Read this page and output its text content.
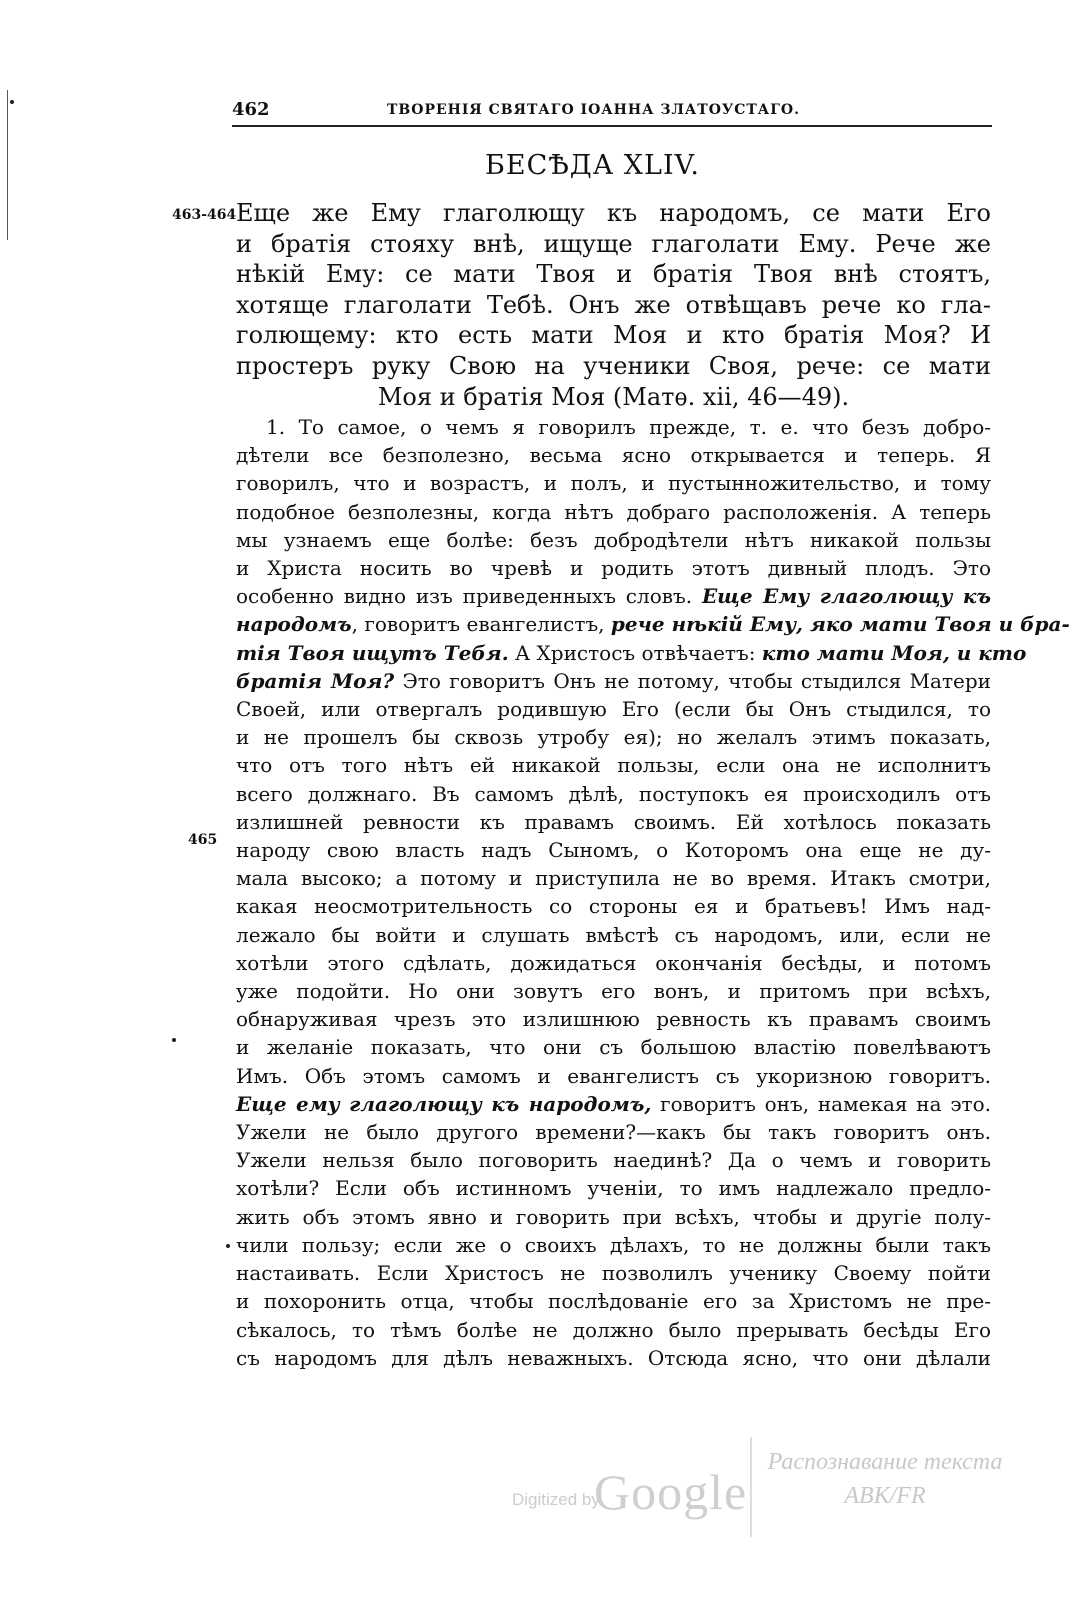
462	ТВОРЕНІЯ СВЯТАГО ІОАННА ЗЛАТОУСТАГО.
БЕСѢДА XLIV.
463-464
465
Еще же Ему глаголющу къ народомъ, се мати Его
и братія стояху внѣ, ищуще глаголати Ему. Рече же
нѣкій Ему: се мати Твоя и братія Твоя внѣ стоятъ,
хотяще глаголати Тебѣ. Онъ же отвѣщавъ рече ко гла-
голющему: кто есть мати Моя и кто братія Моя? И
простеръ руку Свою на ученики Своя, рече: се мати
Моя и братія Моя (Матѳ. xii, 46—49).
1. То самое, о чемъ я говорилъ прежде, т. е. что безъ добро-
дѣтели все безполезно, весьма ясно открывается и теперь. Я
говорилъ, что и возрастъ, и полъ, и пустынножительство, и тому
подобное безполезны, когда нѣтъ добраго расположенія. А теперь
мы узнаемъ еще болѣе: безъ добродѣтели нѣтъ никакой пользы
и Христа носить во чревѣ и родить этотъ дивный плодъ. Это
особенно видно изъ приведенныхъ словъ. Еще Ему глаголющу къ
народомъ, говоритъ евангелистъ, рече нѣкій Ему, яко мати Твоя и бра-
тія Твоя ищутъ Тебя. А Христосъ отвѣчаетъ: кто мати Моя, и кто
братія Моя? Это говоритъ Онъ не потому, чтобы стыдился Матери
Своей, или отвергалъ родившую Его (если бы Онъ стыдился, то
и не прошелъ бы сквозь утробу ея); но желалъ этимъ показать,
что отъ того нѣтъ ей никакой пользы, если она не исполнитъ
всего должнаго. Въ самомъ дѣлѣ, поступокъ ея происходилъ отъ
излишней ревности къ правамъ своимъ. Ей хотѣлось показать
народу свою власть надъ Сыномъ, о Которомъ она еще не ду-
мала высоко; а потому и приступила не во время. Итакъ смотри,
какая неосмотрительность со стороны ея и братьевъ! Имъ над-
лежало бы войти и слушать вмѣстѣ съ народомъ, или, если не
хотѣли этого сдѣлать, дожидаться окончанія бесѣды, и потомъ
уже подойти. Но они зовутъ его вонъ, и притомъ при всѣхъ,
обнаруживая чрезъ это излишнюю ревность къ правамъ своимъ
и желаніе показать, что они съ большою властію повелѣваютъ
Имъ. Объ этомъ самомъ и евангелистъ съ укоризною говоритъ.
Еще ему глаголющу къ народомъ, говоритъ онъ, намекая на это.
Ужели не было другого времени?—какъ бы такъ говоритъ онъ.
Ужели нельзя было поговорить наединѣ? Да о чемъ и говорить
хотѣли? Если объ истинномъ ученіи, то имъ надлежало предло-
жить объ этомъ явно и говорить при всѣхъ, чтобы и другіе полу-
чили пользу; если же о своихъ дѣлахъ, то не должны были такъ
настаивать. Если Христосъ не позволилъ ученику Своему пойти
и похоронить отца, чтобы послѣдованіе его за Христомъ не пре-
сѣкалось, то тѣмъ болѣе не должно было прерывать бесѣды Его
съ народомъ для дѣлъ неважныхъ. Отсюда ясно, что они дѣлали
Digitized by
Google
Распознавание текста
АВК/FR
